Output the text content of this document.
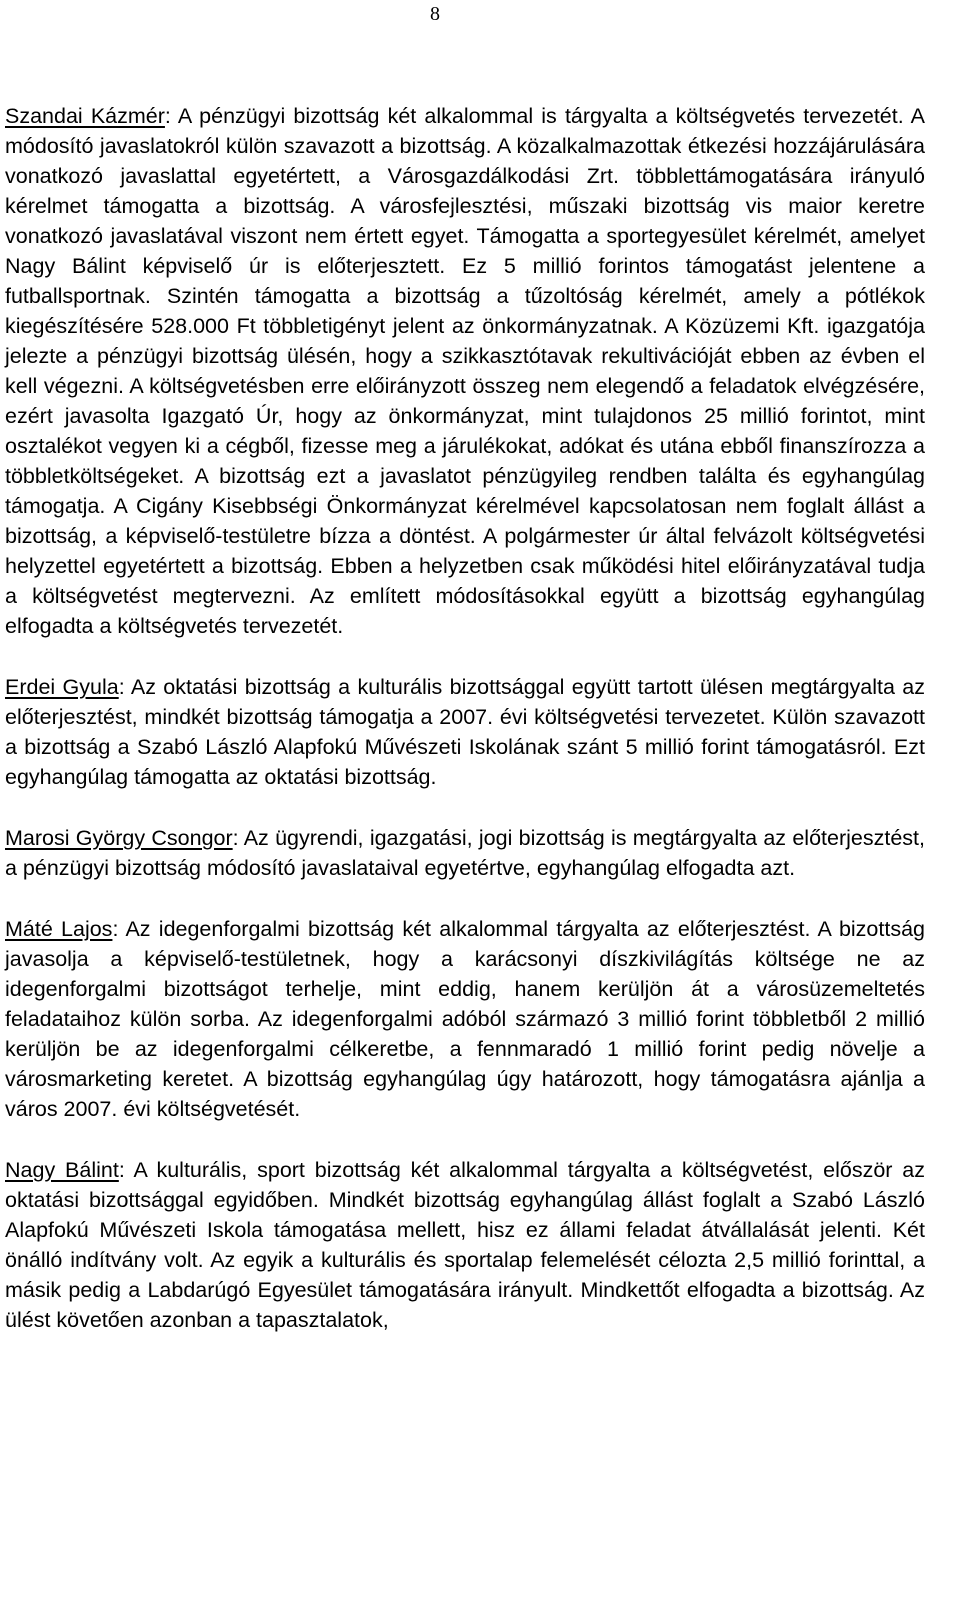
8

Szandai Kázmér: A pénzügyi bizottság két alkalommal is tárgyalta a költségvetés tervezetét. A módosító javaslatokról külön szavazott a bizottság. A közalkalmazottak étkezési hozzájárulására vonatkozó javaslattal egyetértett, a Városgazdálkodási Zrt. többlettámogatására irányuló kérelmet támogatta a bizottság. A városfejlesztési, műszaki bizottság vis maior keretre vonatkozó javaslatával viszont nem értett egyet. Támogatta a sportegyesület kérelmét, amelyet Nagy Bálint képviselő úr is előterjesztett. Ez 5 millió forintos támogatást jelentene a futballsportnak. Szintén támogatta a bizottság a tűzoltóság kérelmét, amely a pótlékok kiegészítésére 528.000 Ft többletigényt jelent az önkormányzatnak. A Közüzemi Kft. igazgatója jelezte a pénzügyi bizottság ülésén, hogy a szikkasztótavak rekultivációját ebben az évben el kell végezni. A költségvetésben erre előirányzott összeg nem elegendő a feladatok elvégzésére, ezért javasolta Igazgató Úr, hogy az önkormányzat, mint tulajdonos 25 millió forintot, mint osztalékot vegyen ki a cégből, fizesse meg a járulékokat, adókat és utána ebből finanszírozza a többletköltségeket. A bizottság ezt a javaslatot pénzügyileg rendben találta és egyhangúlag támogatja. A Cigány Kisebbségi Önkormányzat kérelmével kapcsolatosan nem foglalt állást a bizottság, a képviselő-testületre bízza a döntést. A polgármester úr által felvázolt költségvetési helyzettel egyetértett a bizottság. Ebben a helyzetben csak működési hitel előirányzatával tudja a költségvetést megtervezni. Az említett módosításokkal együtt a bizottság egyhangúlag elfogadta a költségvetés tervezetét.

Erdei Gyula: Az oktatási bizottság a kulturális bizottsággal együtt tartott ülésen megtárgyalta az előterjesztést, mindkét bizottság támogatja a 2007. évi költségvetési tervezetet. Külön szavazott a bizottság a Szabó László Alapfokú Művészeti Iskolának szánt 5 millió forint támogatásról. Ezt egyhangúlag támogatta az oktatási bizottság.

Marosi György Csongor: Az ügyrendi, igazgatási, jogi bizottság is megtárgyalta az előterjesztést, a pénzügyi bizottság módosító javaslataival egyetértve, egyhangúlag elfogadta azt.

Máté Lajos: Az idegenforgalmi bizottság két alkalommal tárgyalta az előterjesztést. A bizottság javasolja a képviselő-testületnek, hogy a karácsonyi díszkivilágítás költsége ne az idegenforgalmi bizottságot terhelje, mint eddig, hanem kerüljön át a városüzemeltetés feladataihoz külön sorba. Az idegenforgalmi adóból származó 3 millió forint többletből 2 millió kerüljön be az idegenforgalmi célkeretbe, a fennmaradó 1 millió forint pedig növelje a városmarketing keretet. A bizottság egyhangúlag úgy határozott, hogy támogatásra ajánlja a város 2007. évi költségvetését.

Nagy Bálint: A kulturális, sport bizottság két alkalommal tárgyalta a költségvetést, először az oktatási bizottsággal egyidőben. Mindkét bizottság egyhangúlag állást foglalt a Szabó László Alapfokú Művészeti Iskola támogatása mellett, hisz ez állami feladat átvállalását jelenti. Két önálló indítvány volt. Az egyik a kulturális és sportalap felemelését célozta 2,5 millió forinttal, a másik pedig a Labdarúgó Egyesület támogatására irányult. Mindkettőt elfogadta a bizottság. Az ülést követően azonban a tapasztalatok,
